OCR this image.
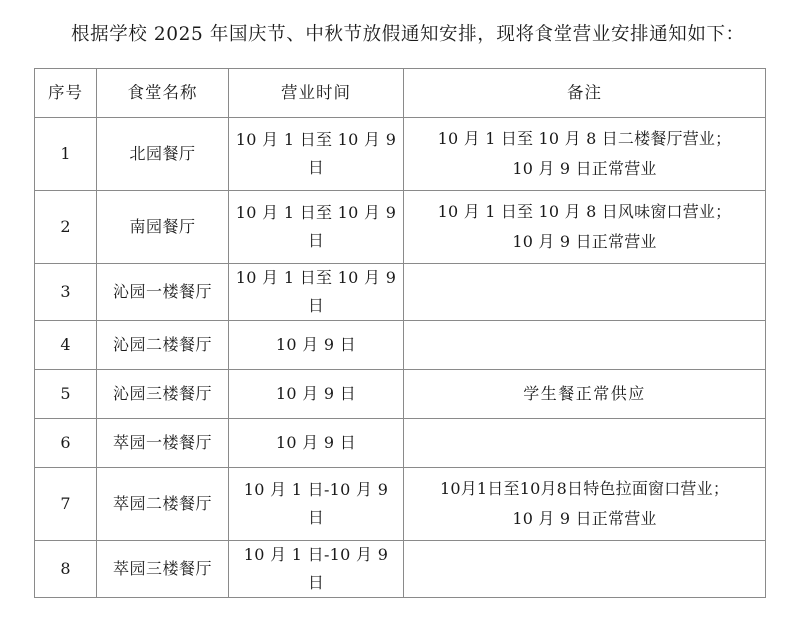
根据学校 2025 年国庆节、中秋节放假通知安排，现将食堂营业安排通知如下：

序号	食堂名称	营业时间	备注
1	北园餐厅	10 月 1 日至 10 月 9 日	10 月 1 日至 10 月 8 日二楼餐厅营业；
10 月 9 日正常营业

2	南园餐厅	10 月 1 日至 10 月 9 日	10 月 1 日至 10 月 8 日风味窗口营业；
10 月 9 日正常营业

3	沁园一楼餐厅	10 月 1 日至 10 月 9 日	
4	沁园二楼餐厅	10 月 9 日	
5	沁园三楼餐厅	10 月 9 日	学生餐正常供应
6	萃园一楼餐厅	10 月 9 日	
7	萃园二楼餐厅	10 月 1 日-10 月 9 日	10月1日至10月8日特色拉面窗口营业；
10 月 9 日正常营业

8	萃园三楼餐厅	10 月 1 日-10 月 9 日	
